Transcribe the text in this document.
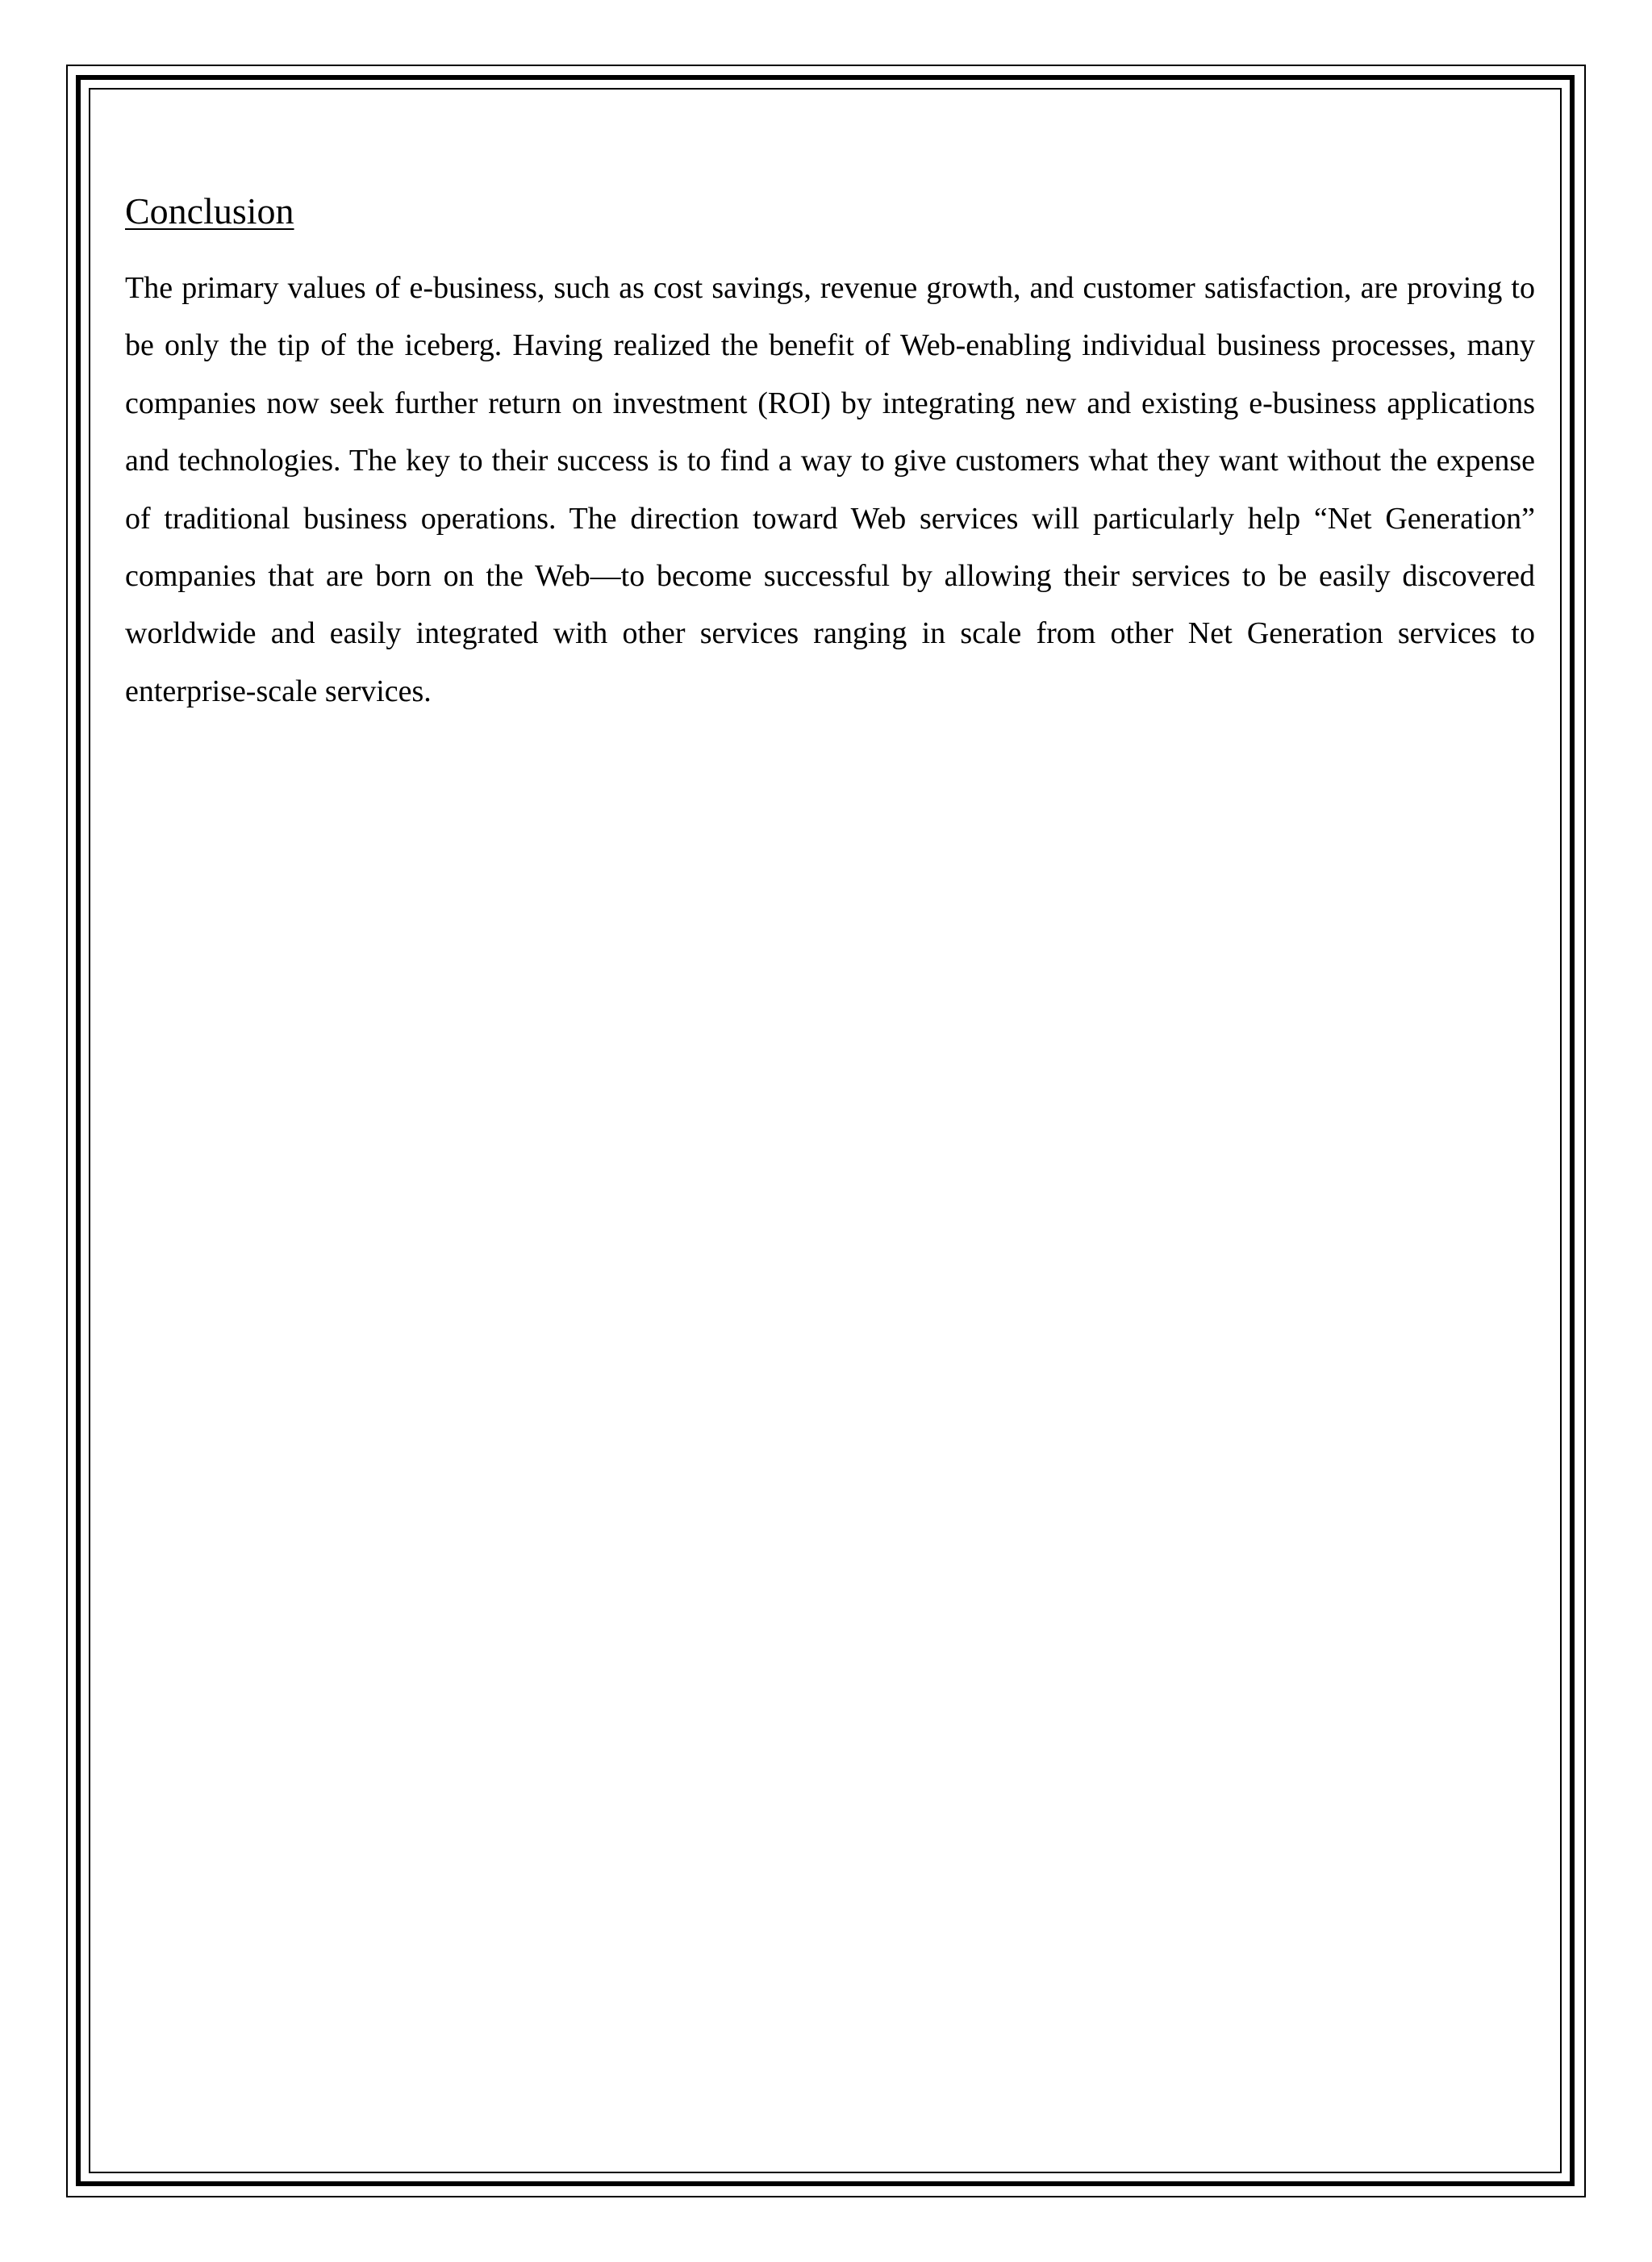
Conclusion

The primary values of e-business, such as cost savings, revenue growth, and customer satisfaction, are proving to be only the tip of the iceberg. Having realized the benefit of Web-enabling individual business processes, many companies now seek further return on investment (ROI) by integrating new and existing e-business applications and technologies. The key to their success is to find a way to give customers what they want without the expense of traditional business operations. The direction toward Web services will particularly help “Net Generation” companies that are born on the Web—to become successful by allowing their services to be easily discovered worldwide and easily integrated with other services ranging in scale from other Net Generation services to enterprise-scale services.
